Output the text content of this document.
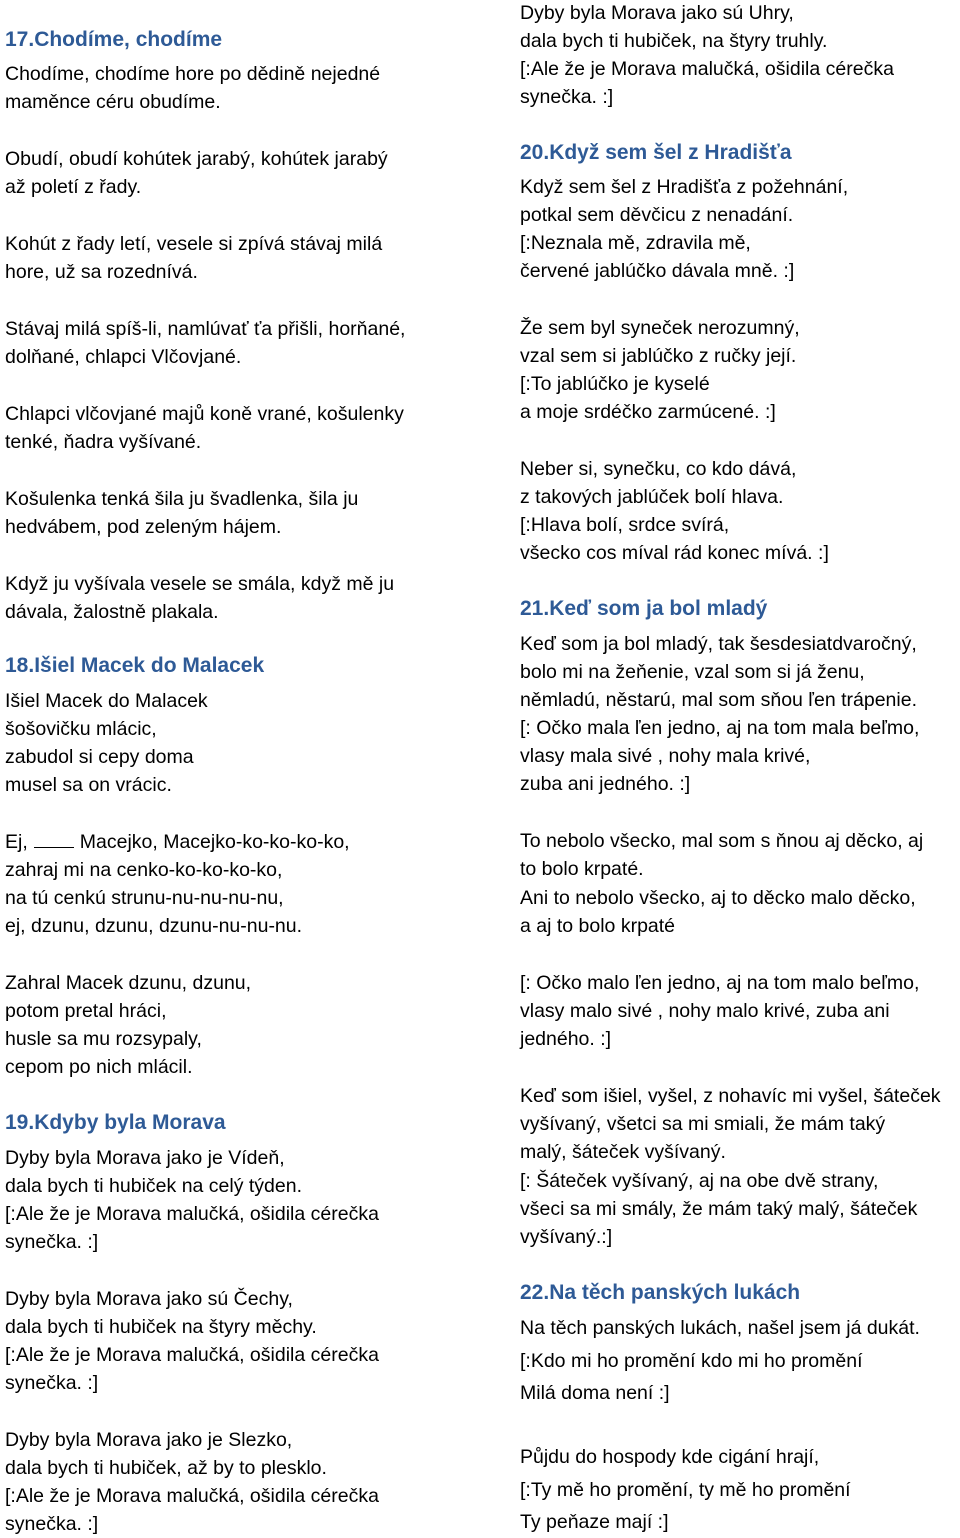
17.Chodíme, chodíme
Chodíme, chodíme hore po dědině nejedné
maměnce céru obudíme.
Obudí, obudí kohútek jarabý, kohútek jarabý
až poletí z řady.
Kohút z řady letí, vesele si zpívá stávaj milá
hore, už sa rozednívá.
Stávaj milá spíš-li, namlúvať ťa přišli, horňané,
dolňané, chlapci Vlčovjané.
Chlapci vlčovjané majů koně vrané, košulenky
tenké, ňadra vyšívané.
Košulenka tenká šila ju švadlenka, šila ju
hedvábem, pod zeleným hájem.
Když ju vyšívala vesele se smála, když mě ju
dávala, žalostně plakala.
18.Išiel Macek do Malacek
Išiel Macek do Malacek
šošovičku mlácic,
zabudol si cepy doma
musel sa on vrácic.
Ej,	Macejko, Macejko-ko-ko-ko-ko,
zahraj mi na cenko-ko-ko-ko-ko,
na tú cenkú strunu-nu-nu-nu-nu,
ej, dzunu, dzunu, dzunu-nu-nu-nu.
Zahral Macek dzunu, dzunu,
potom pretal hráci,
husle sa mu rozsypaly,
cepom po nich mlácil.
19.Kdyby byla Morava
Dyby byla Morava jako je Vídeň,
dala bych ti hubiček na celý týden.
[:Ale že je Morava malučká, ošidila cérečka
synečka. :]
Dyby byla Morava jako sú Čechy,
dala bych ti hubiček na štyry měchy.
[:Ale že je Morava malučká, ošidila cérečka
synečka. :]
Dyby byla Morava jako je Slezko,
dala bych ti hubiček, až by to plesklo.
[:Ale že je Morava malučká, ošidila cérečka
synečka. :]
Dyby byla Morava jako sú Uhry,
dala bych ti hubiček, na štyry truhly.
[:Ale že je Morava malučká, ošidila cérečka
synečka. :]
20.Když sem šel z Hradišťa
Když sem šel z Hradišťa z požehnání,
potkal sem děvčicu z nenadání.
[:Neznala mě, zdravila mě,
červené jablúčko dávala mně. :]
Že sem byl syneček nerozumný,
vzal sem si jablúčko z ručky její.
[:To jablúčko je kyselé
a moje srdéčko zarmúcené. :]
Neber si, synečku, co kdo dává,
z takových jablúček bolí hlava.
[:Hlava bolí, srdce svírá,
všecko cos míval rád konec mívá. :]
21.Keď som ja bol mladý
Keď som ja bol mladý, tak šesdesiatdvaročný,
bolo mi na žeňenie, vzal som si já ženu,
němladú, něstarú, mal som sňou ľen trápenie.
[: Očko mala ľen jedno, aj na tom mala beľmo,
vlasy mala sivé , nohy mala krivé,
zuba ani jedného. :]
To nebolo všecko, mal som s ňnou aj děcko, aj
to bolo krpaté.
Ani to nebolo všecko, aj to děcko malo děcko,
a aj to bolo krpaté
[: Očko malo ľen jedno, aj na tom malo beľmo,
vlasy malo sivé , nohy malo krivé, zuba ani
jedného. :]
Keď som išiel, vyšel, z nohavíc mi vyšel, šáteček
vyšívaný, všetci sa mi smiali, že mám taký
malý, šáteček vyšívaný.
[: Šáteček vyšívaný, aj na obe dvě strany,
všeci sa mi smály, že mám taký malý, šáteček
vyšívaný.:]
22.Na těch panských lukách
Na těch panských lukách, našel jsem já dukát.
[:Kdo mi ho promění kdo mi ho promění
Milá doma není :]
Půjdu do hospody kde cigání hrají,
[:Ty mě ho promění, ty mě ho promění
Ty peňaze mají :]
